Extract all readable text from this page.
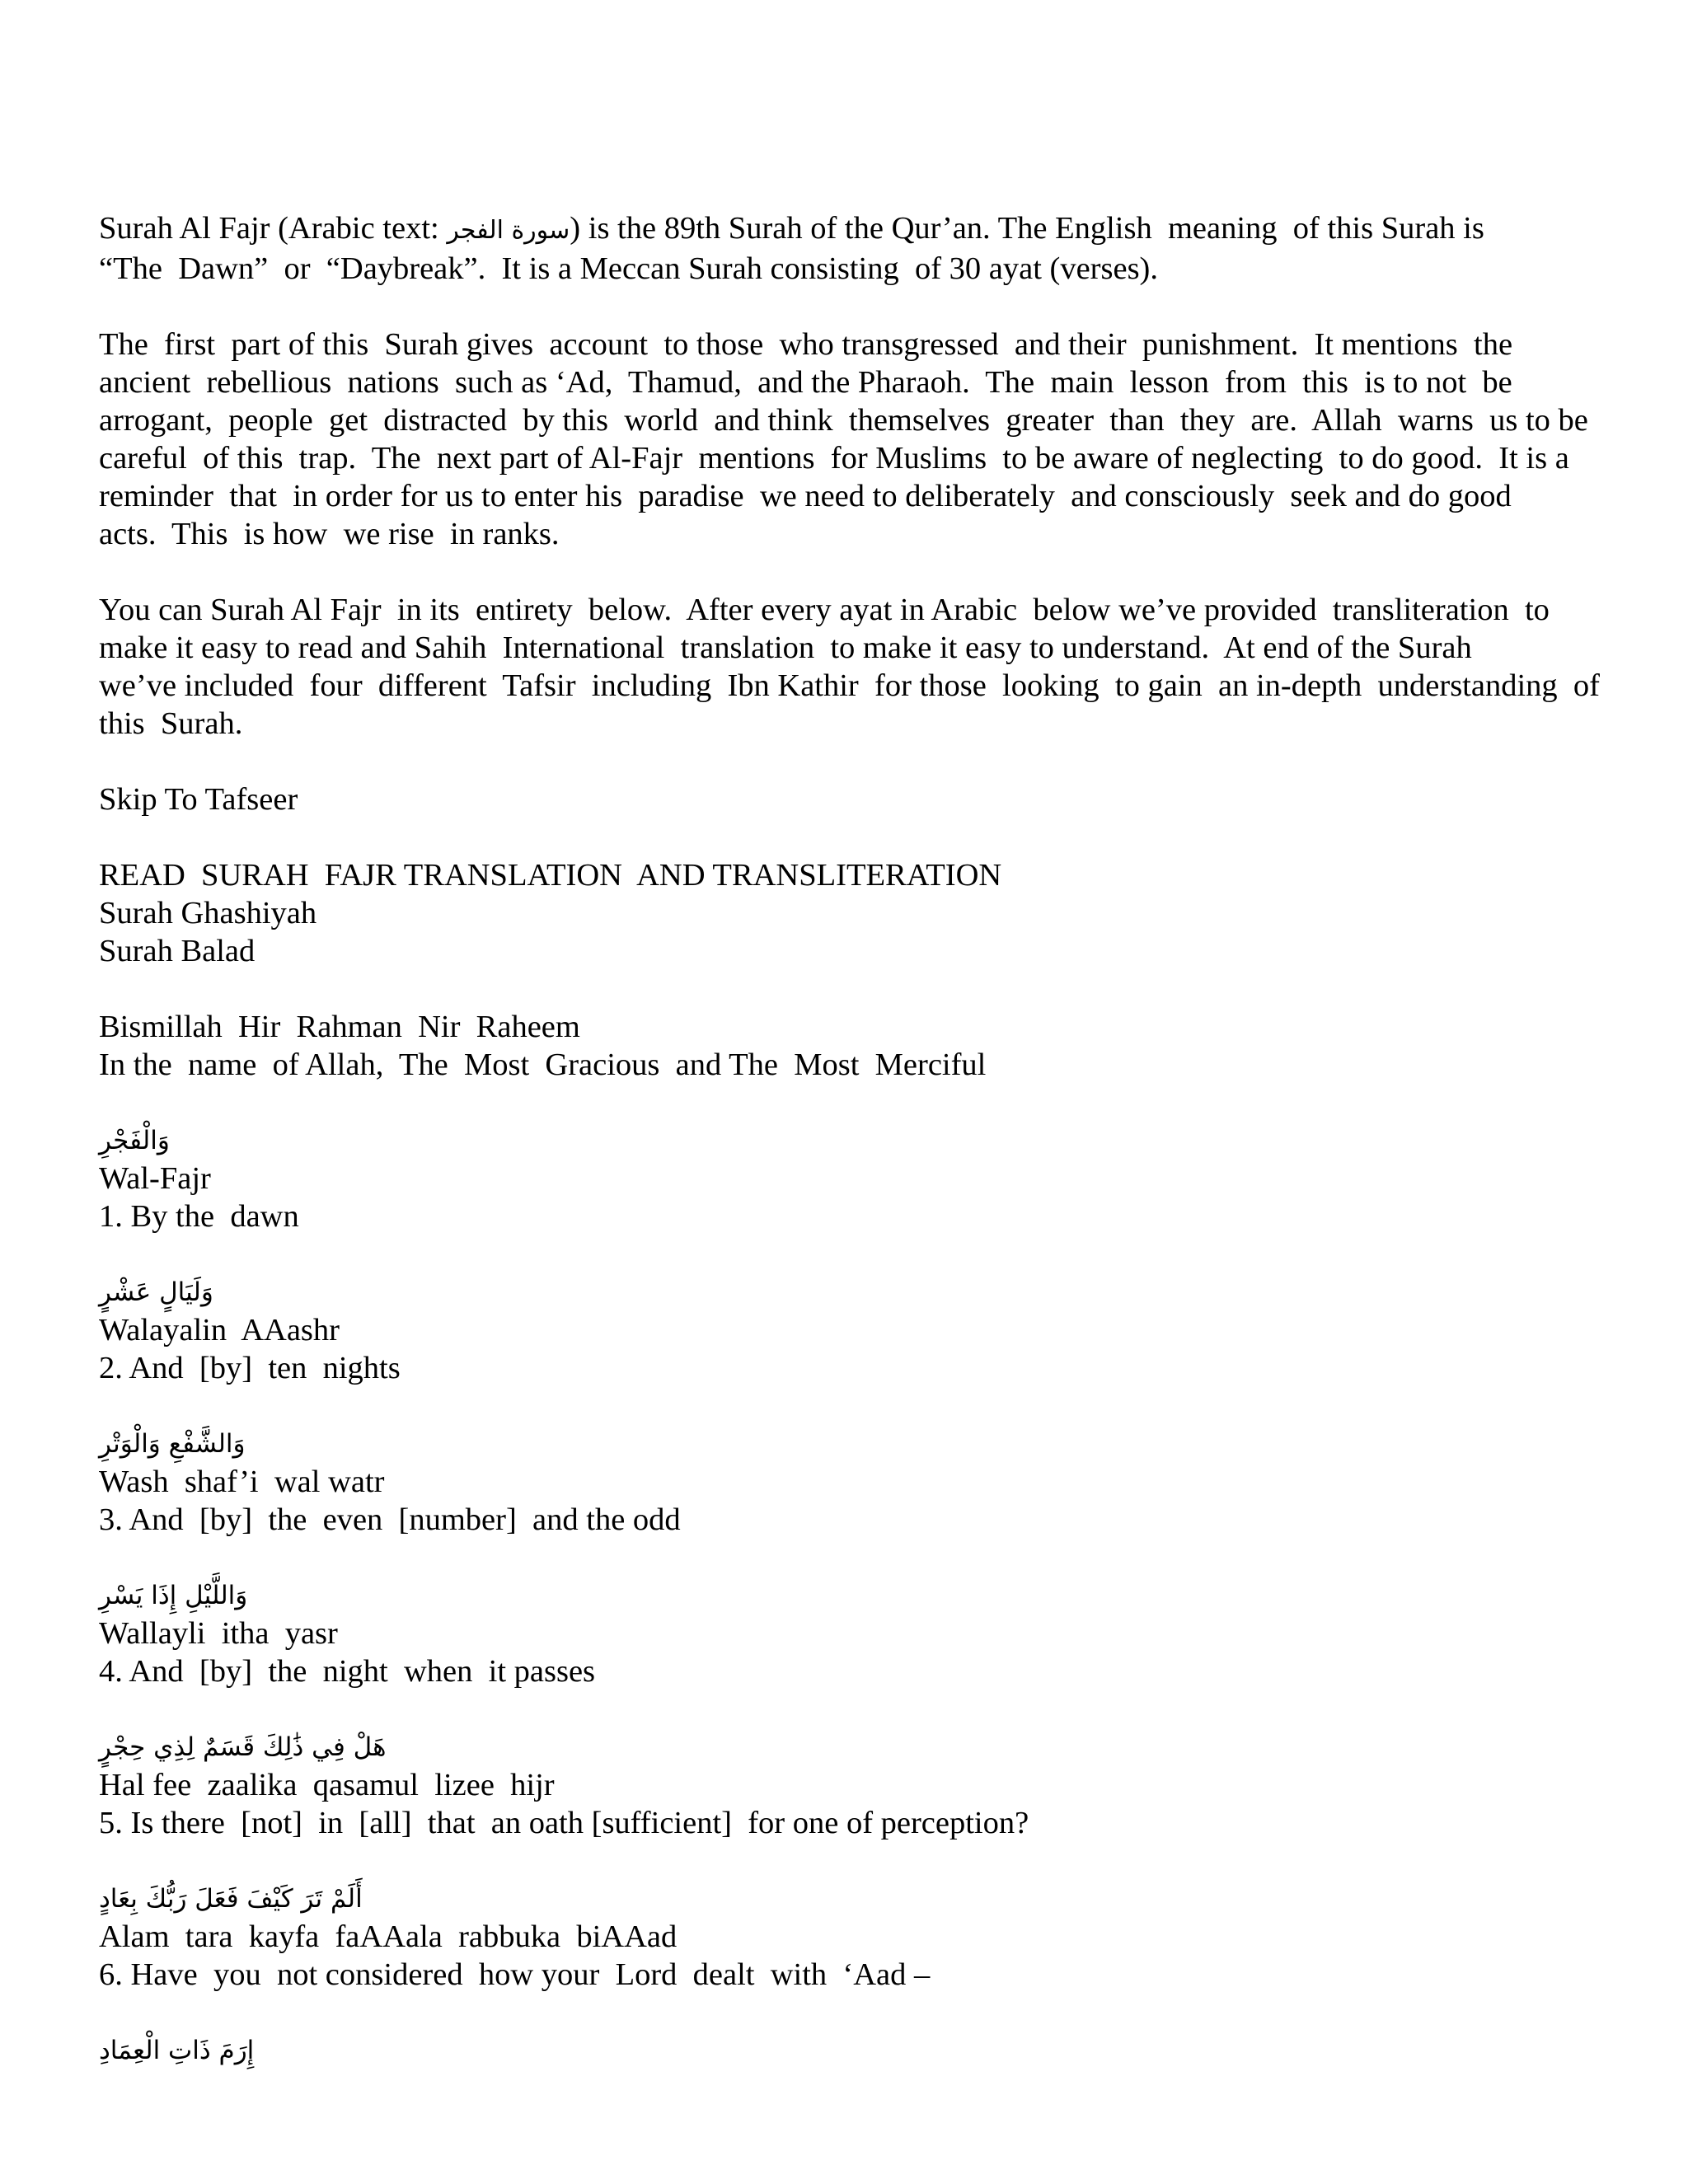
Surah Al Fajr (Arabic text: سورة الفجر) is the 89th Surah of the Qur’an. The English  meaning  of this Surah is
“The  Dawn”  or  “Daybreak”.  It is a Meccan Surah consisting  of 30 ayat (verses).
The  first  part of this  Surah gives  account  to those  who transgressed  and their  punishment.  It mentions  the
ancient  rebellious  nations  such as ‘Ad,  Thamud,  and the Pharaoh.  The  main  lesson  from  this  is to not  be
arrogant,  people  get  distracted  by this  world  and think  themselves  greater  than  they  are.  Allah  warns  us to be
careful  of this  trap.  The  next part of Al-Fajr  mentions  for Muslims  to be aware of neglecting  to do good.  It is a
reminder  that  in order for us to enter his  paradise  we need to deliberately  and consciously  seek and do good
acts.  This  is how  we rise  in ranks.
You can Surah Al Fajr  in its  entirety  below.  After every ayat in Arabic  below we’ve provided  transliteration  to
make it easy to read and Sahih  International  translation  to make it easy to understand.  At end of the Surah
we’ve included  four  different  Tafsir  including  Ibn Kathir  for those  looking  to gain  an in-depth  understanding  of
this  Surah.
Skip To Tafseer
READ  SURAH  FAJR TRANSLATION  AND TRANSLITERATION
Surah Ghashiyah
Surah Balad
Bismillah  Hir  Rahman  Nir  Raheem
In the  name  of Allah,  The  Most  Gracious  and The  Most  Merciful
وَالْفَجْرِ
Wal-Fajr
1. By the  dawn
وَلَيَالٍ عَشْرٍ
Walayalin  AAashr
2. And  [by]  ten  nights
وَالشَّفْعِ وَالْوَتْرِ
Wash  shaf’i  wal watr
3. And  [by]  the  even  [number]  and the odd
وَاللَّيْلِ إِذَا يَسْرِ
Wallayli  itha  yasr
4. And  [by]  the  night  when  it passes
هَلْ فِي ذَٰلِكَ قَسَمٌ لِذِي حِجْرٍ
Hal fee  zaalika  qasamul  lizee  hijr
5. Is there  [not]  in  [all]  that  an oath [sufficient]  for one of perception?
أَلَمْ تَرَ كَيْفَ فَعَلَ رَبُّكَ بِعَادٍ
Alam  tara  kayfa  faAAala  rabbuka  biAAad
6. Have  you  not considered  how your  Lord  dealt  with  ‘Aad –
إِرَمَ ذَاتِ الْعِمَادِ
